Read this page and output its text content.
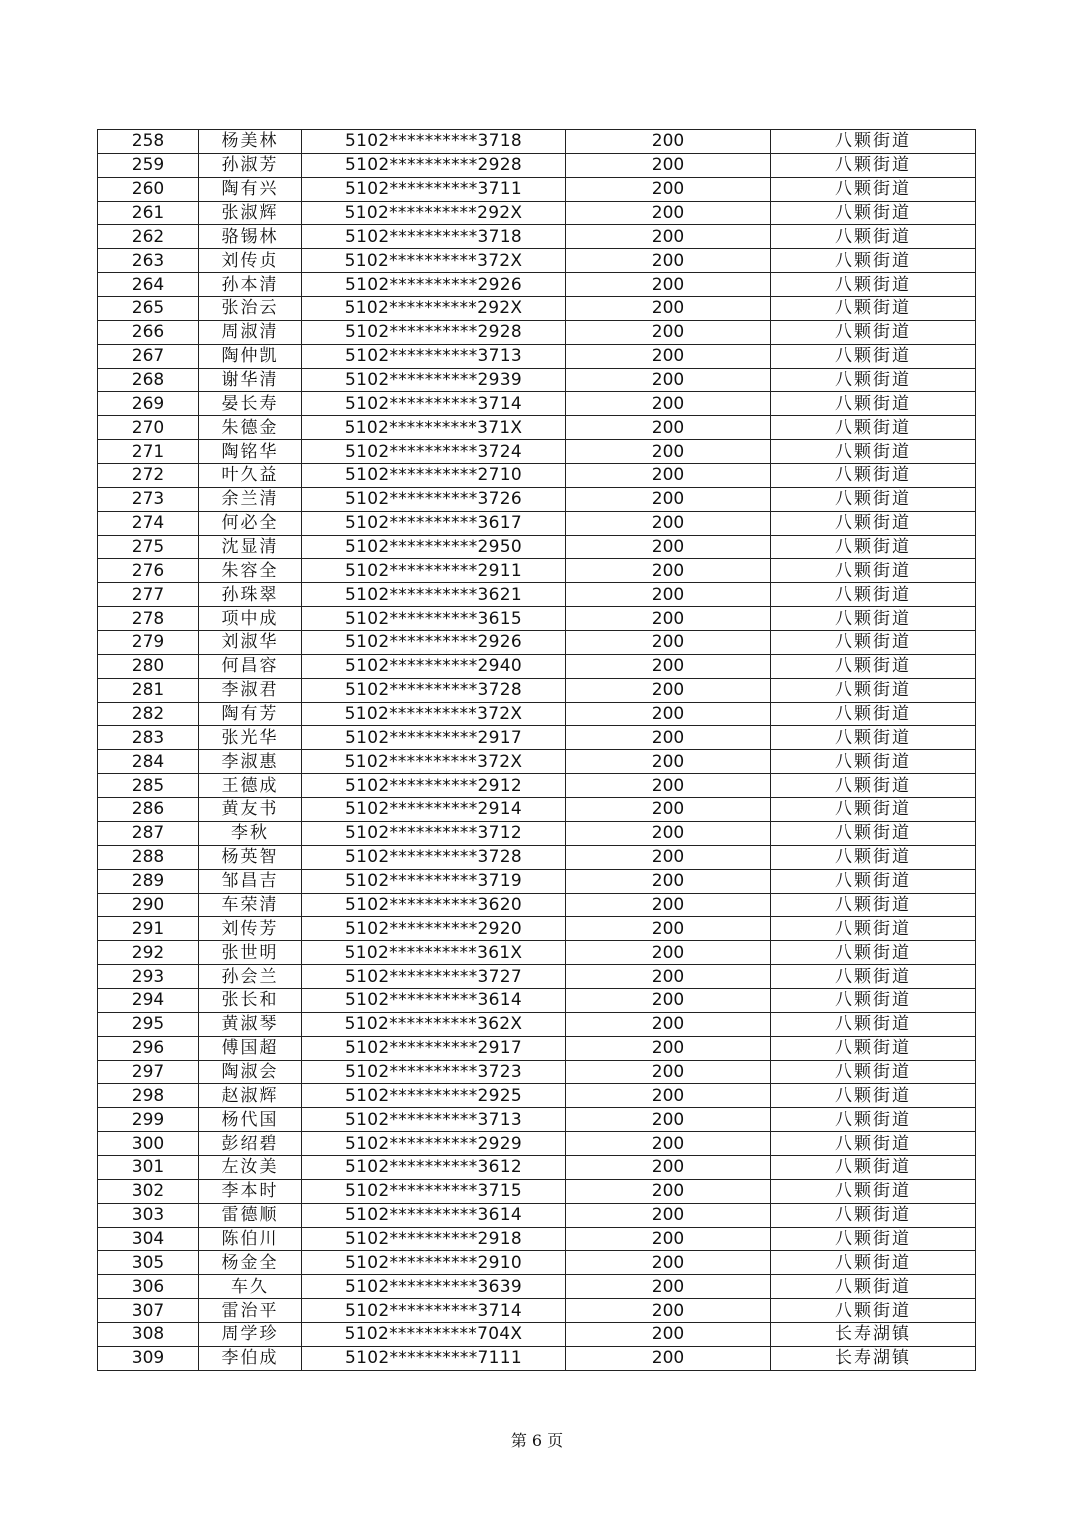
258	杨美林	5102**********3718	200	八颗街道
259	孙淑芳	5102**********2928	200	八颗街道
260	陶有兴	5102**********3711	200	八颗街道
261	张淑辉	5102**********292X	200	八颗街道
262	骆锡林	5102**********3718	200	八颗街道
263	刘传贞	5102**********372X	200	八颗街道
264	孙本清	5102**********2926	200	八颗街道
265	张治云	5102**********292X	200	八颗街道
266	周淑清	5102**********2928	200	八颗街道
267	陶仲凯	5102**********3713	200	八颗街道
268	谢华清	5102**********2939	200	八颗街道
269	晏长寿	5102**********3714	200	八颗街道
270	朱德金	5102**********371X	200	八颗街道
271	陶铭华	5102**********3724	200	八颗街道
272	叶久益	5102**********2710	200	八颗街道
273	余兰清	5102**********3726	200	八颗街道
274	何必全	5102**********3617	200	八颗街道
275	沈显清	5102**********2950	200	八颗街道
276	朱容全	5102**********2911	200	八颗街道
277	孙珠翠	5102**********3621	200	八颗街道
278	项中成	5102**********3615	200	八颗街道
279	刘淑华	5102**********2926	200	八颗街道
280	何昌容	5102**********2940	200	八颗街道
281	李淑君	5102**********3728	200	八颗街道
282	陶有芳	5102**********372X	200	八颗街道
283	张光华	5102**********2917	200	八颗街道
284	李淑惠	5102**********372X	200	八颗街道
285	王德成	5102**********2912	200	八颗街道
286	黄友书	5102**********2914	200	八颗街道
287	李秋	5102**********3712	200	八颗街道
288	杨英智	5102**********3728	200	八颗街道
289	邹昌吉	5102**********3719	200	八颗街道
290	车荣清	5102**********3620	200	八颗街道
291	刘传芳	5102**********2920	200	八颗街道
292	张世明	5102**********361X	200	八颗街道
293	孙会兰	5102**********3727	200	八颗街道
294	张长和	5102**********3614	200	八颗街道
295	黄淑琴	5102**********362X	200	八颗街道
296	傅国超	5102**********2917	200	八颗街道
297	陶淑会	5102**********3723	200	八颗街道
298	赵淑辉	5102**********2925	200	八颗街道
299	杨代国	5102**********3713	200	八颗街道
300	彭绍碧	5102**********2929	200	八颗街道
301	左汝美	5102**********3612	200	八颗街道
302	李本时	5102**********3715	200	八颗街道
303	雷德顺	5102**********3614	200	八颗街道
304	陈伯川	5102**********2918	200	八颗街道
305	杨金全	5102**********2910	200	八颗街道
306	车久	5102**********3639	200	八颗街道
307	雷治平	5102**********3714	200	八颗街道
308	周学珍	5102**********704X	200	长寿湖镇
309	李伯成	5102**********7111	200	长寿湖镇
第 6 页
